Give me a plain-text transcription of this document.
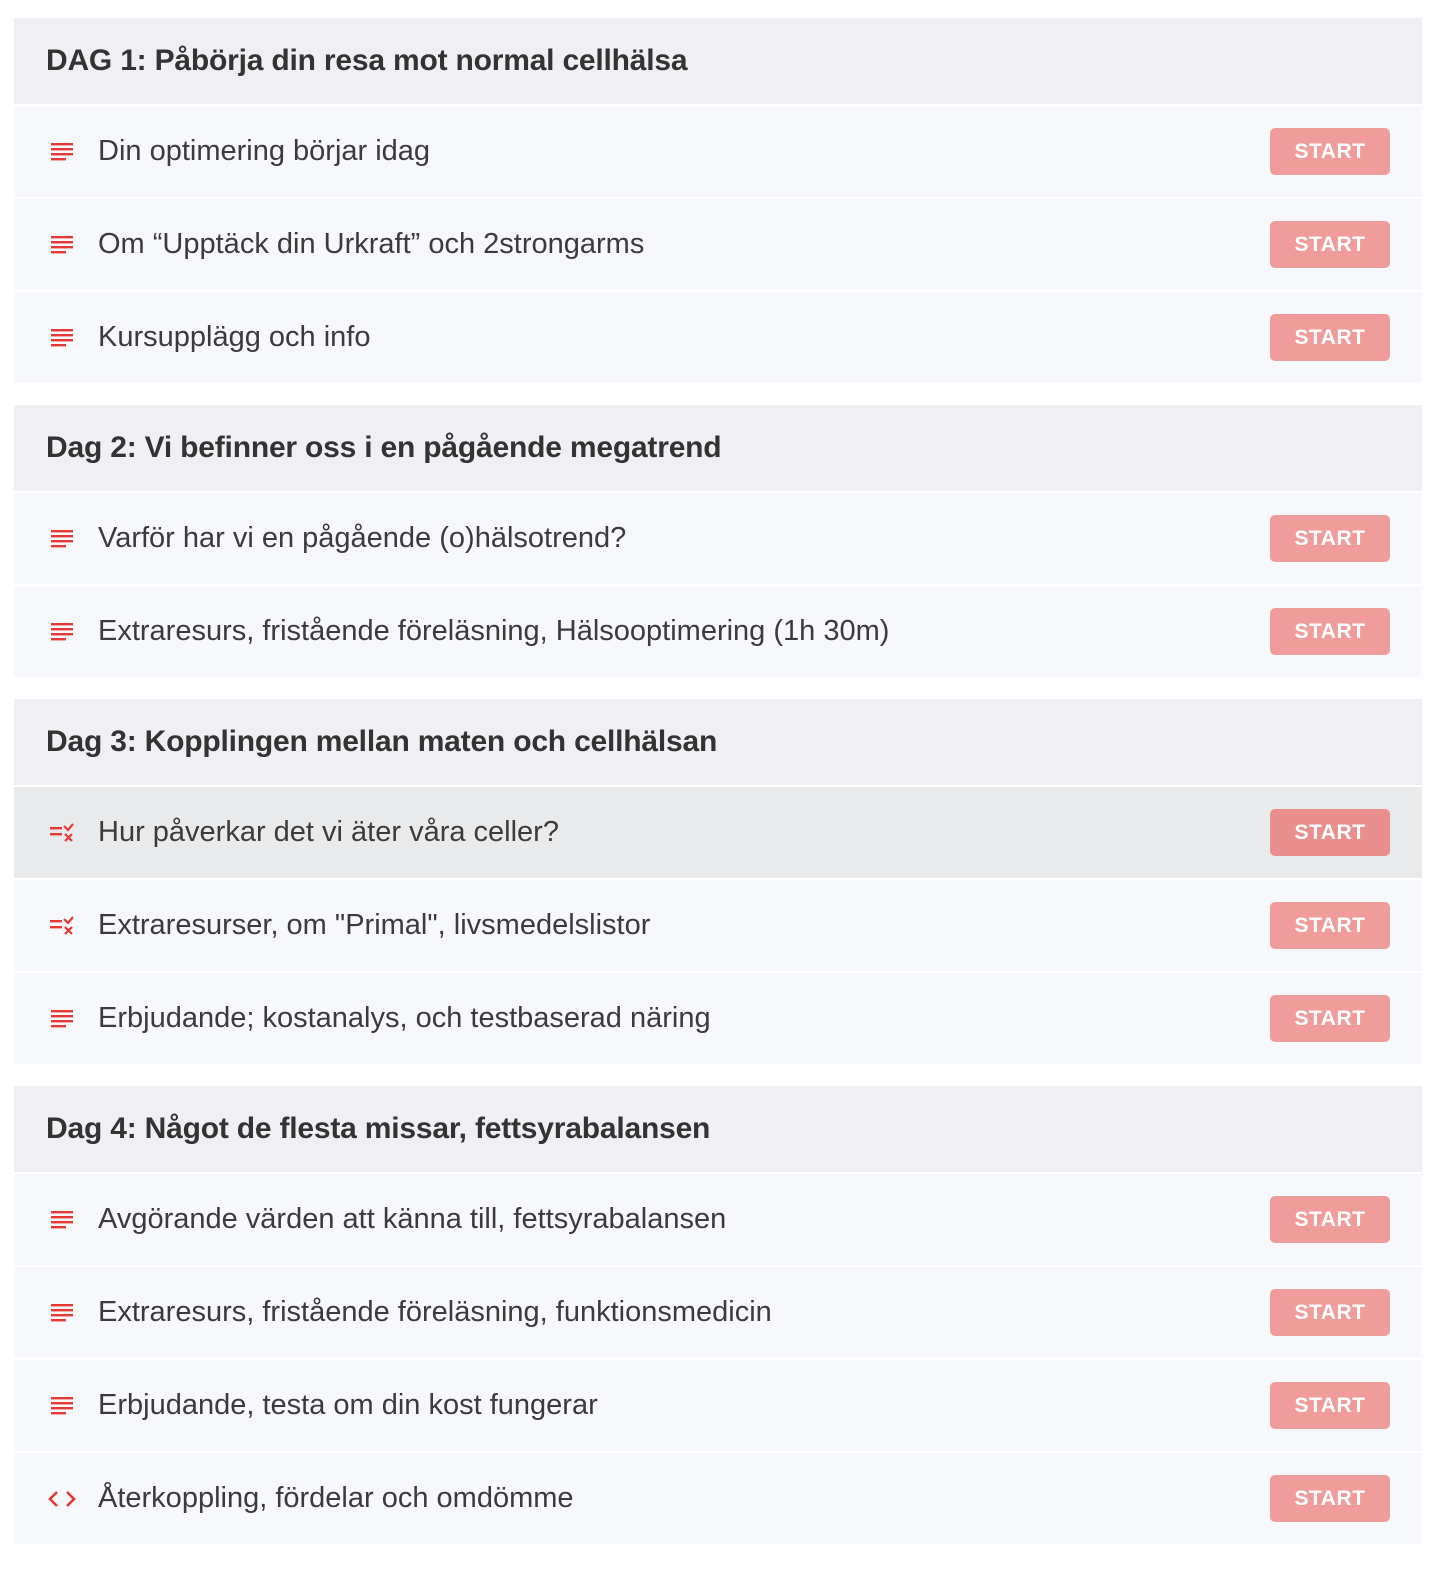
DAG 1: Påbörja din resa mot normal cellhälsa
Din optimering börjar idag	START
Om “Upptäck din Urkraft” och 2strongarms	START
Kursupplägg och info	START
Dag 2: Vi befinner oss i en pågående megatrend
Varför har vi en pågående (o)hälsotrend?	START
Extraresurs, fristående föreläsning, Hälsooptimering (1h 30m)	START
Dag 3: Kopplingen mellan maten och cellhälsan
Hur påverkar det vi äter våra celler?	START
Extraresurser, om "Primal", livsmedelslistor	START
Erbjudande; kostanalys, och testbaserad näring	START
Dag 4: Något de flesta missar, fettsyrabalansen
Avgörande värden att känna till, fettsyrabalansen	START
Extraresurs, fristående föreläsning, funktionsmedicin	START
Erbjudande, testa om din kost fungerar	START
Återkoppling, fördelar och omdömme	START
